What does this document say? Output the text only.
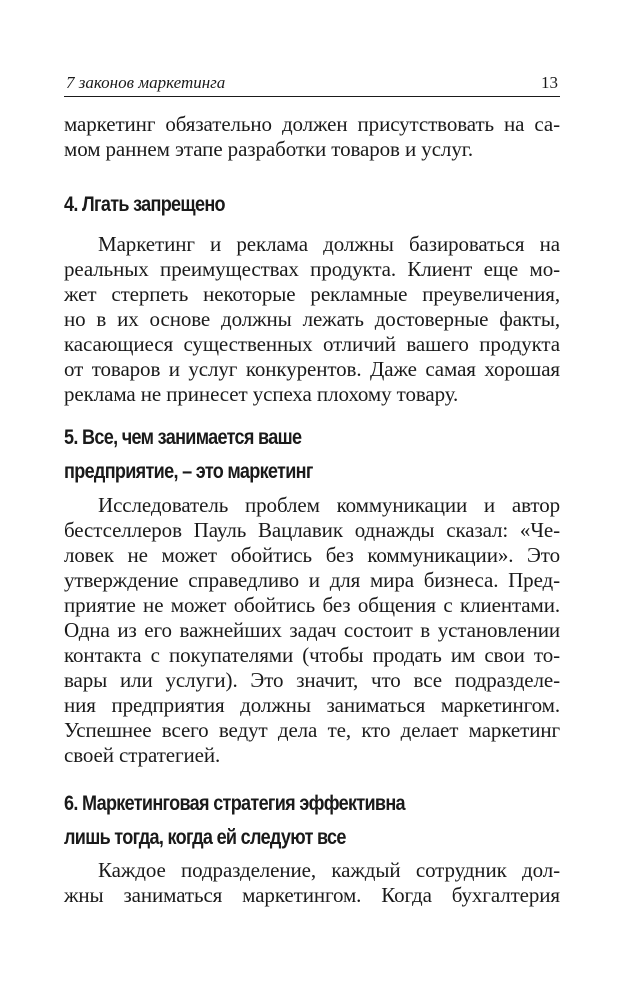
7 законов маркетинга	13
маркетинг обязательно должен присутствовать на са-
мом раннем этапе разработки товаров и услуг.
4. Лгать запрещено
Маркетинг и реклама должны базироваться на
реальных преимуществах продукта. Клиент еще мо-
жет стерпеть некоторые рекламные преувеличения,
но в их основе должны лежать достоверные факты,
касающиеся существенных отличий вашего продукта
от товаров и услуг конкурентов. Даже самая хорошая
реклама не принесет успеха плохому товару.
5. Все, чем занимается ваше
предприятие, – это маркетинг
Исследователь проблем коммуникации и автор
бестселлеров Пауль Вацлавик однажды сказал: «Че-
ловек не может обойтись без коммуникации». Это
утверждение справедливо и для мира бизнеса. Пред-
приятие не может обойтись без общения с клиентами.
Одна из его важнейших задач состоит в установлении
контакта с покупателями (чтобы продать им свои то-
вары или услуги). Это значит, что все подразделе-
ния предприятия должны заниматься маркетингом.
Успешнее всего ведут дела те, кто делает маркетинг
своей стратегией.
6. Маркетинговая стратегия эффективна
лишь тогда, когда ей следуют все
Каждое подразделение, каждый сотрудник дол-
жны заниматься маркетингом. Когда бухгалтерия
